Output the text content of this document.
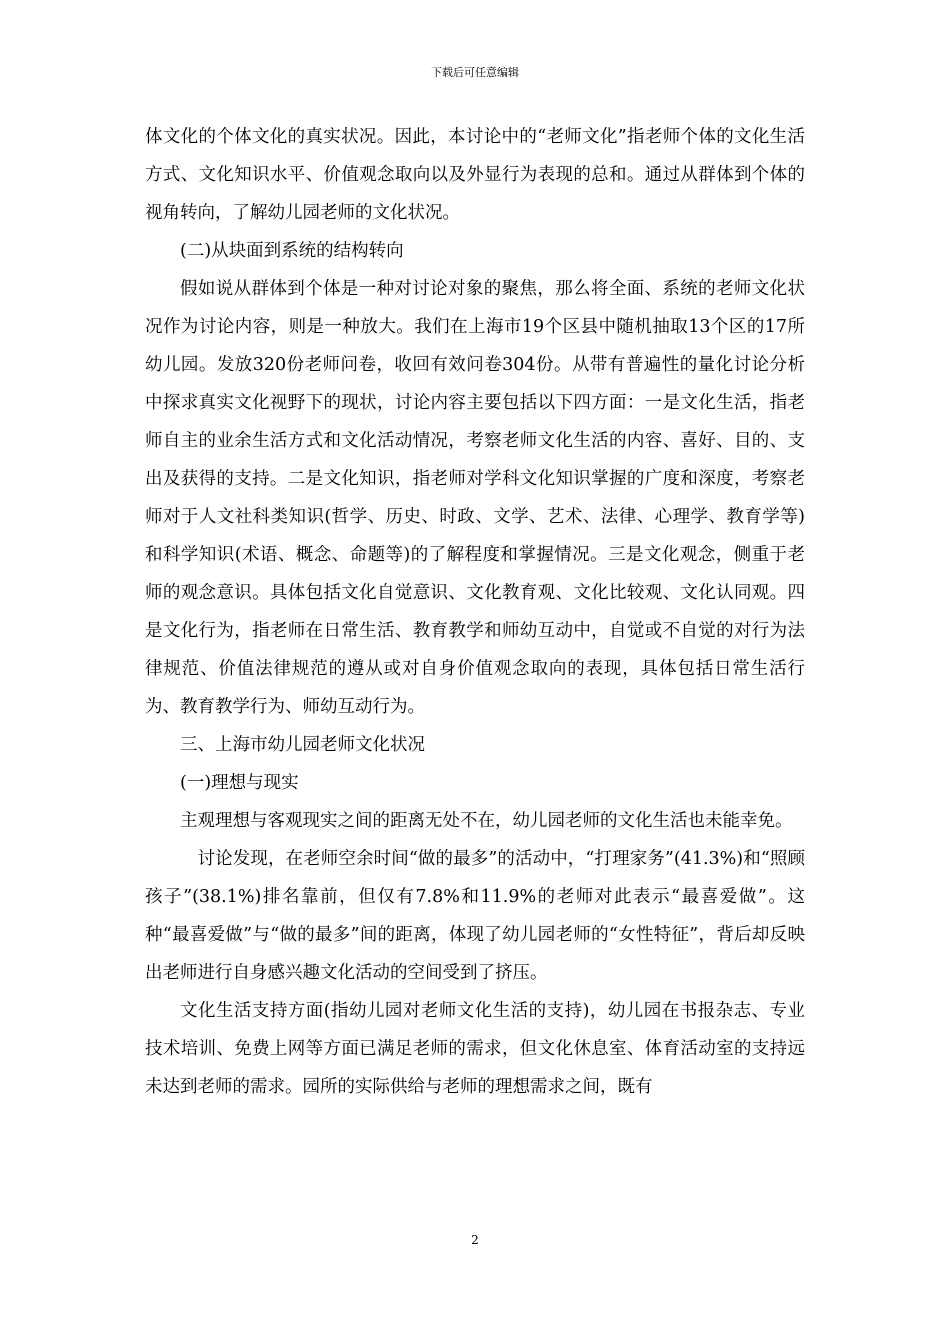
下载后可任意编辑

体文化的个体文化的真实状况。因此，本讨论中的“老师文化”指老师个体的文化生活方式、文化知识水平、价值观念取向以及外显行为表现的总和。通过从群体到个体的视角转向，了解幼儿园老师的文化状况。

(二)从块面到系统的结构转向

假如说从群体到个体是一种对讨论对象的聚焦，那么将全面、系统的老师文化状况作为讨论内容，则是一种放大。我们在上海市19个区县中随机抽取13个区的17所幼儿园。发放320份老师问卷，收回有效问卷304份。从带有普遍性的量化讨论分析中探求真实文化视野下的现状，讨论内容主要包括以下四方面：一是文化生活，指老师自主的业余生活方式和文化活动情况，考察老师文化生活的内容、喜好、目的、支出及获得的支持。二是文化知识，指老师对学科文化知识掌握的广度和深度，考察老师对于人文社科类知识(哲学、历史、时政、文学、艺术、法律、心理学、教育学等)和科学知识(术语、概念、命题等)的了解程度和掌握情况。三是文化观念，侧重于老师的观念意识。具体包括文化自觉意识、文化教育观、文化比较观、文化认同观。四是文化行为，指老师在日常生活、教育教学和师幼互动中，自觉或不自觉的对行为法律规范、价值法律规范的遵从或对自身价值观念取向的表现，具体包括日常生活行为、教育教学行为、师幼互动行为。

三、上海市幼儿园老师文化状况

(一)理想与现实

主观理想与客观现实之间的距离无处不在，幼儿园老师的文化生活也未能幸免。

讨论发现，在老师空余时间“做的最多”的活动中，“打理家务”(41.3%)和“照顾孩子”(38.1%)排名靠前，但仅有7.8%和11.9%的老师对此表示“最喜爱做”。这种“最喜爱做”与“做的最多”间的距离，体现了幼儿园老师的“女性特征”，背后却反映出老师进行自身感兴趣文化活动的空间受到了挤压。

文化生活支持方面(指幼儿园对老师文化生活的支持)，幼儿园在书报杂志、专业技术培训、免费上网等方面已满足老师的需求，但文化休息室、体育活动室的支持远未达到老师的需求。园所的实际供给与老师的理想需求之间，既有

2
